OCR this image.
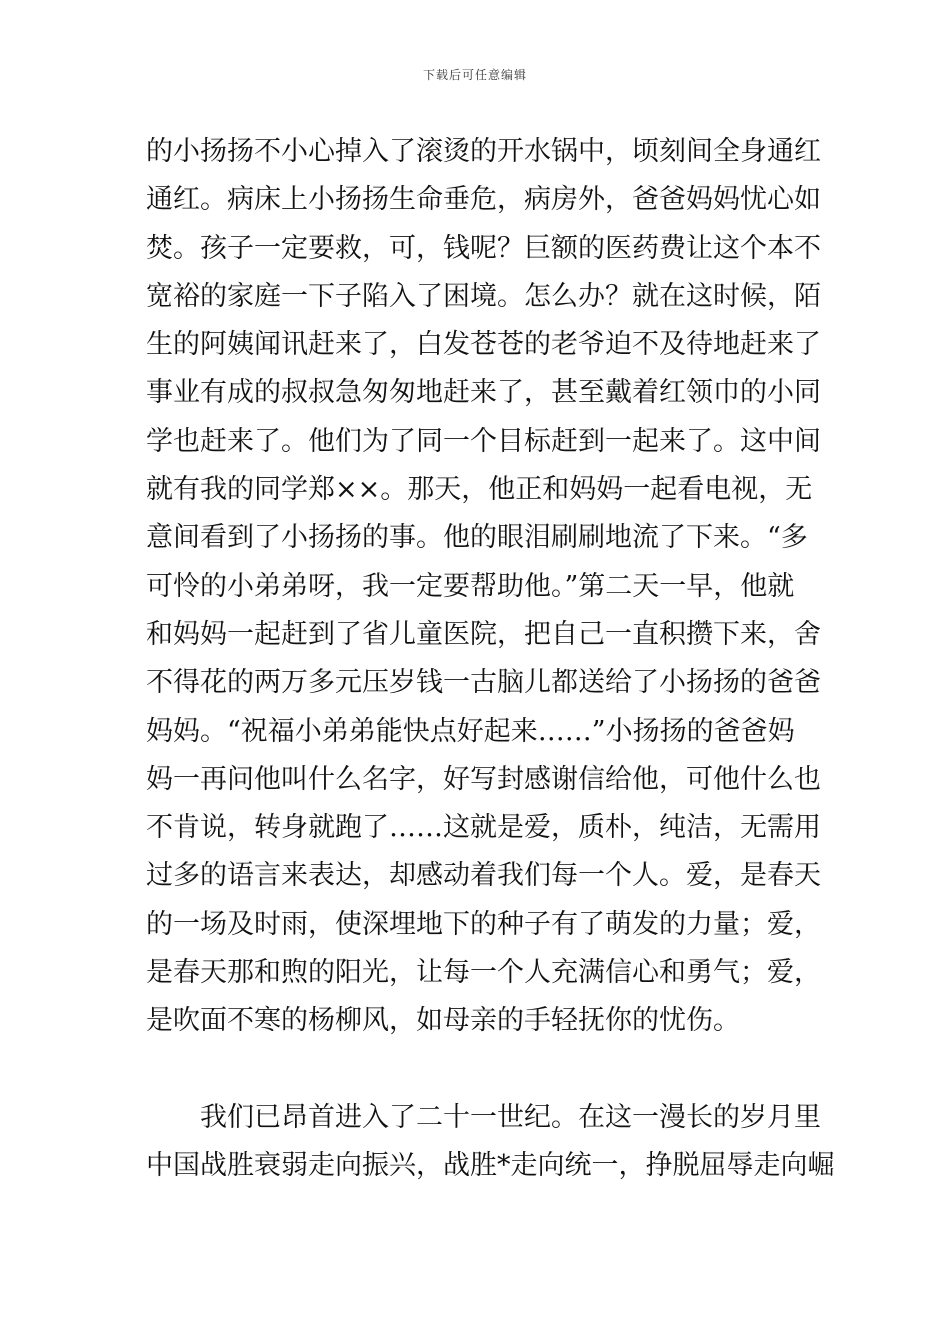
下载后可任意编辑
的小扬扬不小心掉入了滚烫的开水锅中，顷刻间全身通红
通红。病床上小扬扬生命垂危，病房外，爸爸妈妈忧心如
焚。孩子一定要救，可，钱呢？巨额的医药费让这个本不
宽裕的家庭一下子陷入了困境。怎么办？就在这时候，陌
生的阿姨闻讯赶来了，白发苍苍的老爷迫不及待地赶来了
事业有成的叔叔急匆匆地赶来了，甚至戴着红领巾的小同
学也赶来了。他们为了同一个目标赶到一起来了。这中间
就有我的同学郑××。那天，他正和妈妈一起看电视，无
意间看到了小扬扬的事。他的眼泪刷刷地流了下来。“多
可怜的小弟弟呀，我一定要帮助他。”第二天一早，他就
和妈妈一起赶到了省儿童医院，把自己一直积攒下来，舍
不得花的两万多元压岁钱一古脑儿都送给了小扬扬的爸爸
妈妈。“祝福小弟弟能快点好起来……”小扬扬的爸爸妈
妈一再问他叫什么名字，好写封感谢信给他，可他什么也
不肯说，转身就跑了……这就是爱，质朴，纯洁，无需用
过多的语言来表达，却感动着我们每一个人。爱，是春天
的一场及时雨，使深埋地下的种子有了萌发的力量；爱，
是春天那和煦的阳光，让每一个人充满信心和勇气；爱，
是吹面不寒的杨柳风，如母亲的手轻抚你的忧伤。
我们已昂首进入了二十一世纪。在这一漫长的岁月里
中国战胜衰弱走向振兴，战胜*走向统一，挣脱屈辱走向崛
